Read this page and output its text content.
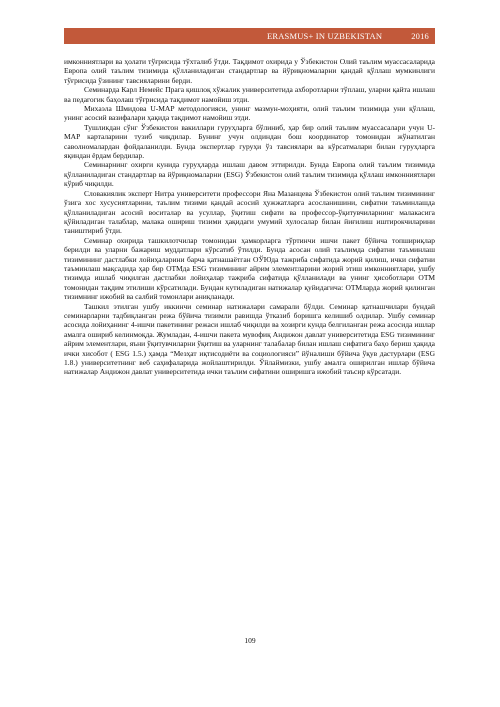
ERASMUS+ IN UZBEKISTAN	2016

имконниятлари ва ҳолати тўғрисида тўхталиб ўтди. Тақдимот охирида у Ўзбекистон Олий таълим муассасаларида Европа олий таълим тизимида қўлланиладиган стандартлар ва йўриқномаларни қандай қўллаш мумкинлиги тўғрисида ўзининг тавсияларини берди.

Семинарда Карл Немейс Прага қишлоқ хўжалик университетида ахборотларни тўплаш, уларни қайта ишлаш ва педагогик баҳолаш тўғрисида тақдимот намойиш этди.

Михаэла Шмидова U-MAP методологияси, унинг мазмун-моҳияти, олий таълим тизимида уни қўллаш, унинг асосий вазифалари ҳақида тақдимот намойиш этди.

Тушликдан сўнг Ўзбекистон вакиллари гуруҳларга бўлиниб, ҳар бир олий таълим муассасалари учун U-MAP карталарини тузиб чиқдилар. Бунинг учун олдиндан бош координатор томонидан жўнатилган саволномалардан фойдаланилди. Бунда экспертлар гуруҳи ўз тавсиялари ва кўрсатмалари билан гуруҳларга яқиндан ёрдам бердилар.

Семинарнинг охирги кунида гуруҳларда ишлаш давом эттирилди. Бунда Европа олий таълим тизимида қўлланиладиган стандартлар ва йўриқномаларни (ESG) Ўзбекистон олий таълим тизимида қўллаш имконниятлари кўриб чиқилди.

Словакиялик эксперт Нитра университети профессори Яна Мазанцева Ўзбекистон олий таълим тизимининг ўзига хос хусусиятларини, таълим тизими қандай асосий ҳужжатларга асосланишини, сифатни таъминлашда қўлланиладиган асосий воситалар ва усуллар, ўқитиш сифати ва профессор-ўқитувчиларнинг малакасига қўйиладиган талаблар, малака ошириш тизими ҳақидаги умумий хулосалар билан йиғилиш иштирокчиларини таништириб ўтди.

Семинар охирида ташкилотчилар томонидан ҳамкорларга тўртинчи ишчи пакет бўйича топшириқлар берилди ва уларни бажариш муддатлари кўрсатиб ўтилди. Бунда асосан олий таълимда сифатни таъминлаш тизимининг дастлабки лойиҳаларини барча қатнашаётган ОЎЮда тажриба сифатида жорий қилиш, ички сифатни таъминлаш мақсадида ҳар бир ОТМда ESG тизимининг айрим элементларини жорий этиш имконниятлари, ушбу тизимда ишлаб чиқилган дастлабки лойиҳалар тажриба сифатида қўлланилади ва унинг ҳисоботлари ОТМ томонидан тақдим этилиши кўрсатилади. Бундан кутиладиган натижалар қуйидагича: ОТМларда жорий қилинган тизимнинг ижобий ва салбий томонлари аниқланади.

Ташкил этилган ушбу иккинчи семинар натижалари самарали бўлди. Семинар қатнашчилари бундай семинарларни тадбиқланган режа бўйича тизимли равишда ўтказиб боришга келишиб олдилар. Ушбу семинар асосида лойиҳанинг 4-ишчи пакетининг режаси ишлаб чиқилди ва хозирги кунда белгиланган режа асосида ишлар амалга ошириб келинмоқда. Жумладан, 4-ишчи пакета мувофиқ Андижон давлат университетида ESG тизимининг айрим элементлари, яъни ўқитувчиларни ўқитиш ва уларнинг талабалар билан ишлаш сифатига баҳо бериш ҳақида ички хисобот ( ESG 1.5.) ҳамда “Мезҳат иқтисодиёти ва социологияси” йўналиши бўйича ўқув дастурлари (ESG 1.8.) университетнинг веб саҳифаларида жойлаштирилди. Ўйлаймизки, ушбу амалга оширилган ишлар бўйича натижалар Андижон давлат университетида ички таълим сифатини оширишга ижобий таъсир кўрсатади.

109
